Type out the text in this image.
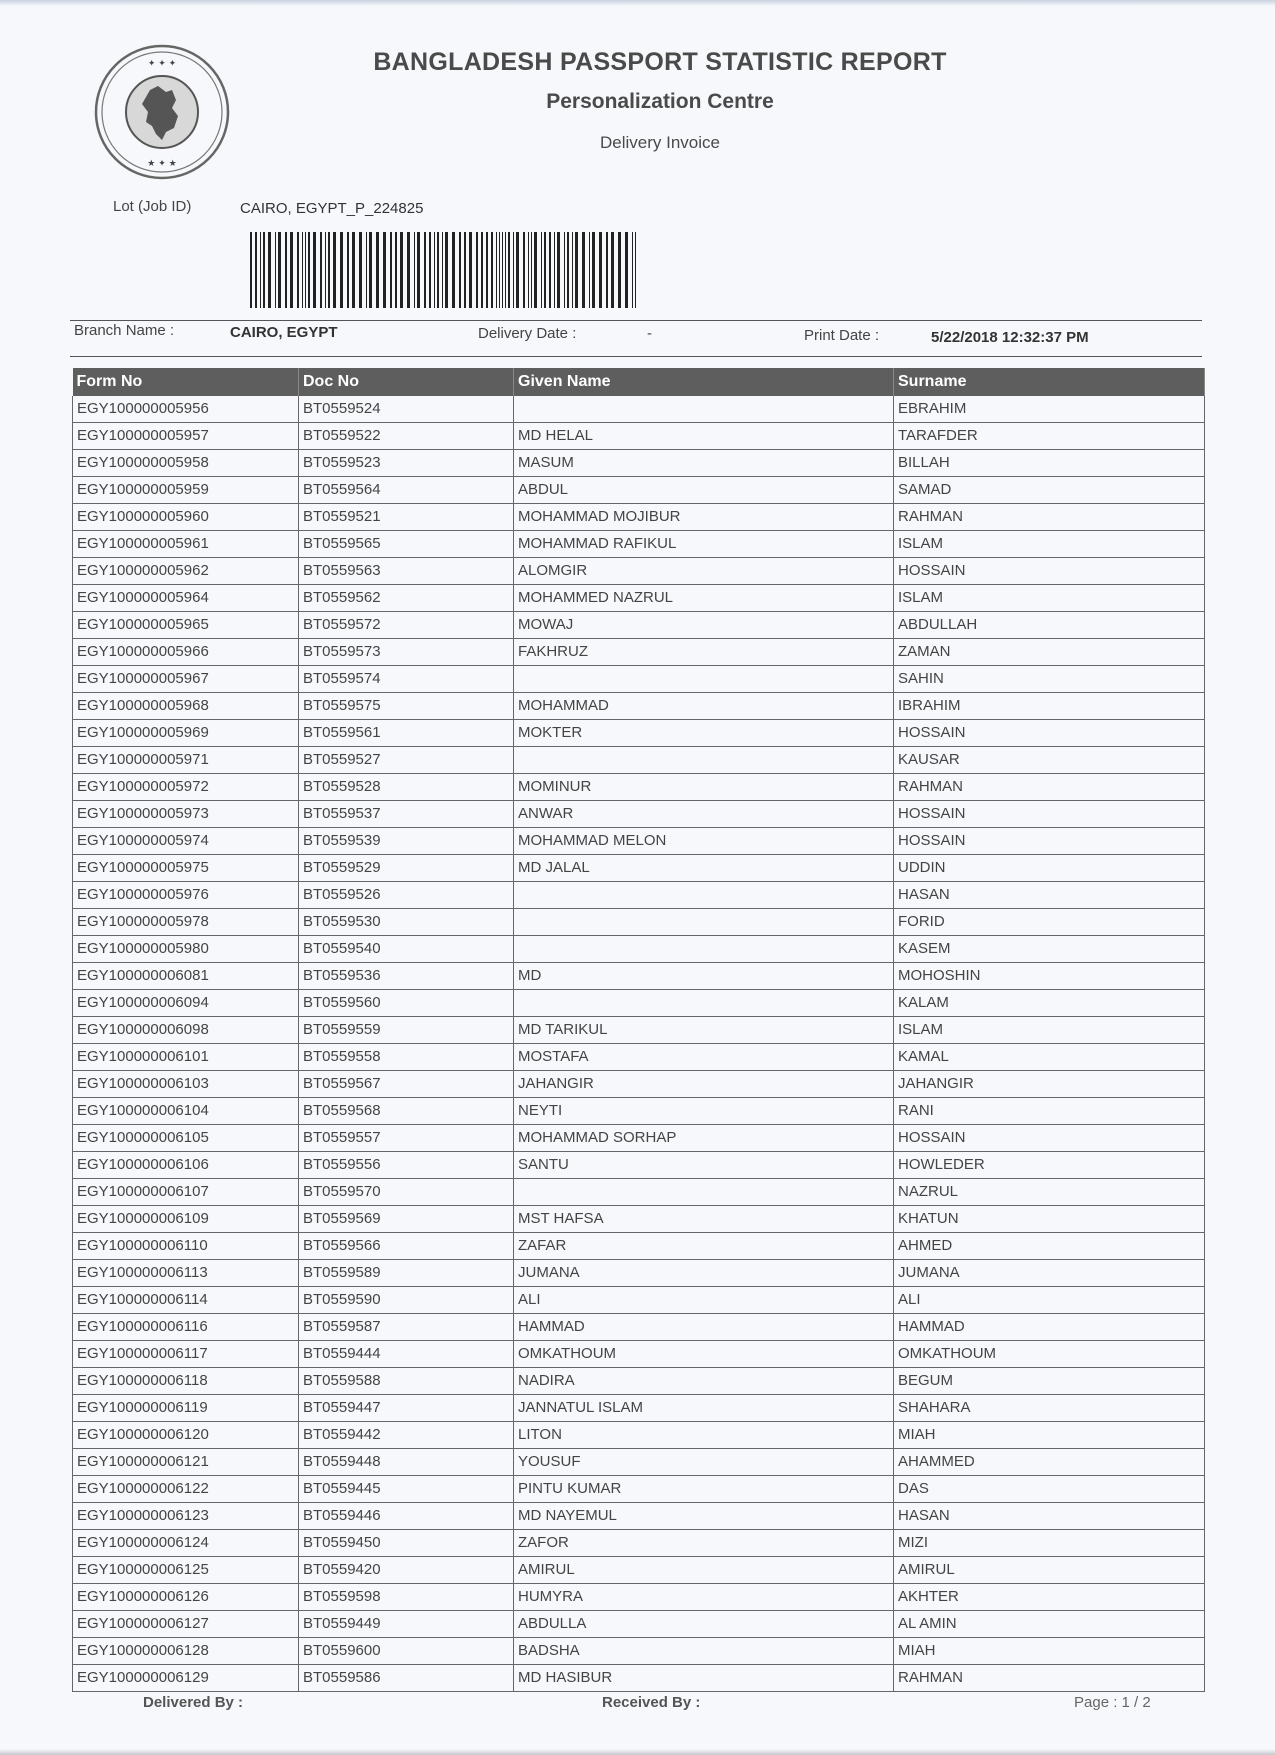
✦ ✦ ✦
★ ✦ ★
BANGLADESH PASSPORT STATISTIC REPORT
Personalization Centre
Delivery Invoice
Lot (Job ID)	CAIRO, EGYPT_P_224825
Branch Name :	CAIRO, EGYPT	Delivery Date :	-	Print Date :	5/22/2018 12:32:37 PM
Form No	Doc No	Given Name	Surname
EGY100000005956	BT0559524		EBRAHIM
EGY100000005957	BT0559522	MD HELAL	TARAFDER
EGY100000005958	BT0559523	MASUM	BILLAH
EGY100000005959	BT0559564	ABDUL	SAMAD
EGY100000005960	BT0559521	MOHAMMAD MOJIBUR	RAHMAN
EGY100000005961	BT0559565	MOHAMMAD RAFIKUL	ISLAM
EGY100000005962	BT0559563	ALOMGIR	HOSSAIN
EGY100000005964	BT0559562	MOHAMMED NAZRUL	ISLAM
EGY100000005965	BT0559572	MOWAJ	ABDULLAH
EGY100000005966	BT0559573	FAKHRUZ	ZAMAN
EGY100000005967	BT0559574		SAHIN
EGY100000005968	BT0559575	MOHAMMAD	IBRAHIM
EGY100000005969	BT0559561	MOKTER	HOSSAIN
EGY100000005971	BT0559527		KAUSAR
EGY100000005972	BT0559528	MOMINUR	RAHMAN
EGY100000005973	BT0559537	ANWAR	HOSSAIN
EGY100000005974	BT0559539	MOHAMMAD MELON	HOSSAIN
EGY100000005975	BT0559529	MD JALAL	UDDIN
EGY100000005976	BT0559526		HASAN
EGY100000005978	BT0559530		FORID
EGY100000005980	BT0559540		KASEM
EGY100000006081	BT0559536	MD	MOHOSHIN
EGY100000006094	BT0559560		KALAM
EGY100000006098	BT0559559	MD TARIKUL	ISLAM
EGY100000006101	BT0559558	MOSTAFA	KAMAL
EGY100000006103	BT0559567	JAHANGIR	JAHANGIR
EGY100000006104	BT0559568	NEYTI	RANI
EGY100000006105	BT0559557	MOHAMMAD SORHAP	HOSSAIN
EGY100000006106	BT0559556	SANTU	HOWLEDER
EGY100000006107	BT0559570		NAZRUL
EGY100000006109	BT0559569	MST HAFSA	KHATUN
EGY100000006110	BT0559566	ZAFAR	AHMED
EGY100000006113	BT0559589	JUMANA	JUMANA
EGY100000006114	BT0559590	ALI	ALI
EGY100000006116	BT0559587	HAMMAD	HAMMAD
EGY100000006117	BT0559444	OMKATHOUM	OMKATHOUM
EGY100000006118	BT0559588	NADIRA	BEGUM
EGY100000006119	BT0559447	JANNATUL ISLAM	SHAHARA
EGY100000006120	BT0559442	LITON	MIAH
EGY100000006121	BT0559448	YOUSUF	AHAMMED
EGY100000006122	BT0559445	PINTU KUMAR	DAS
EGY100000006123	BT0559446	MD NAYEMUL	HASAN
EGY100000006124	BT0559450	ZAFOR	MIZI
EGY100000006125	BT0559420	AMIRUL	AMIRUL
EGY100000006126	BT0559598	HUMYRA	AKHTER
EGY100000006127	BT0559449	ABDULLA	AL AMIN
EGY100000006128	BT0559600	BADSHA	MIAH
EGY100000006129	BT0559586	MD HASIBUR	RAHMAN
Delivered By :	Received By :	Page : 1 / 2
